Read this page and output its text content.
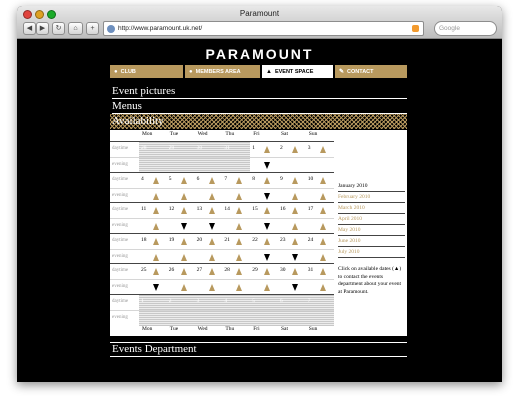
Paramount
◀	▶	↻	⌂	+	http://www.paramount.uk.net/	Google
PARAMOUNT
● CLUB	● MEMBERS AREA	▲ EVENT SPACE	✎ CONTACT
Event pictures
Menus
Availability
Mon	Tue	Wed	Thu	Fri	Sat	Sun
daytime 28	29	30	31	1	2	3
evening
daytime 4	5	6	7	8	9	10
evening
daytime 11	12	13	14	15	16	17
evening
daytime 18	19	20	21	22	23	24
evening
daytime 25	26	27	28	29	30	31
evening
daytime 1	2	3	4	5	6	7
evening
Mon	Tue	Wed	Thu	Fri	Sat	Sun
January 2010
February 2010
March 2010
April 2010
May 2010
June 2010
July 2010
Click on available dates (▲) to contact the events department about your event at Paramount.
Events Department
